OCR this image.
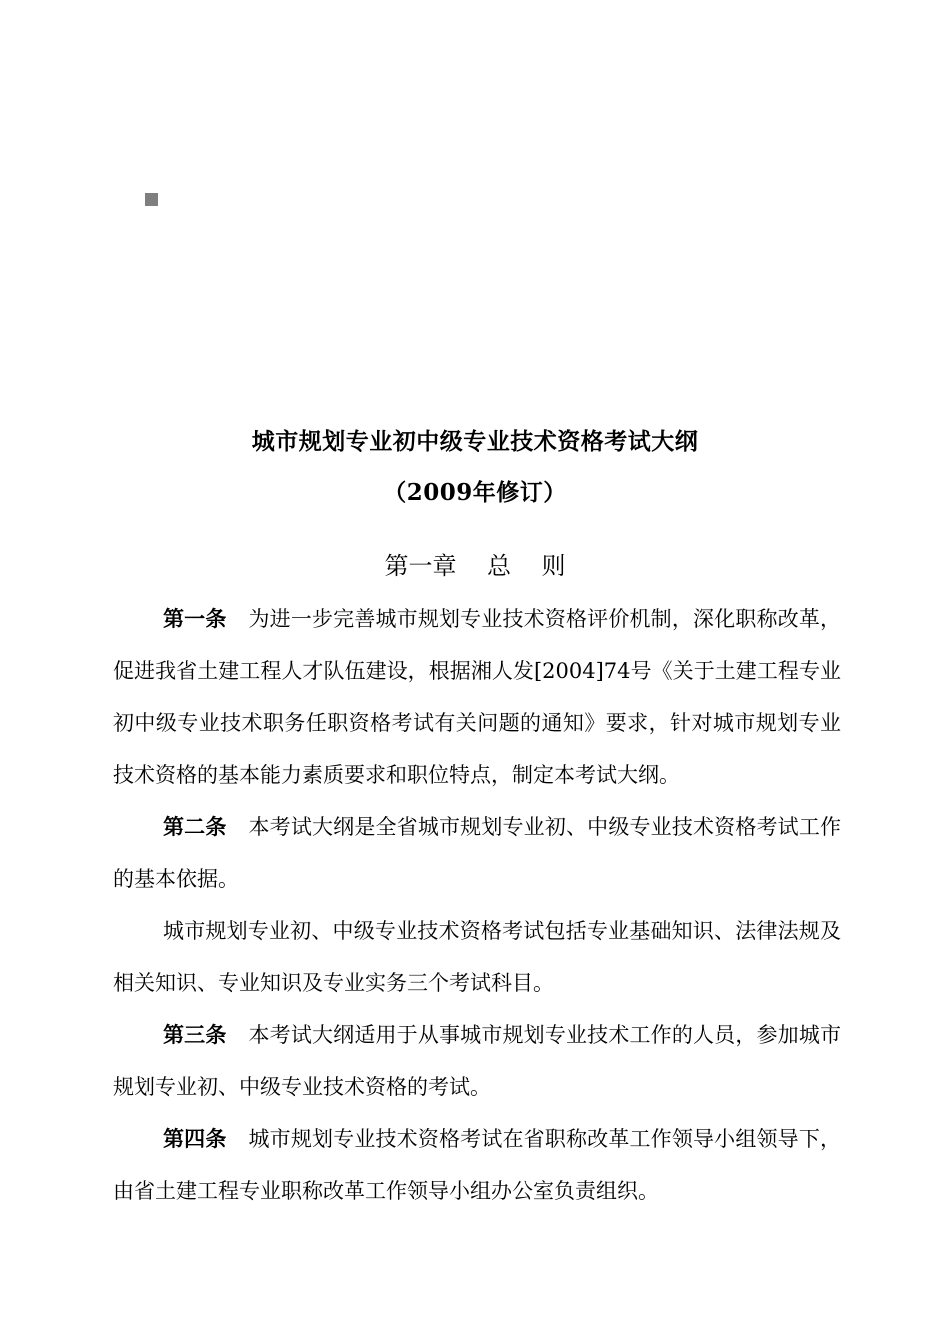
城市规划专业初中级专业技术资格考试大纲
（2009年修订）
第一章    总    则

第一条 为进一步完善城市规划专业技术资格评价机制，深化职称改革，促进我省土建工程人才队伍建设，根据湘人发[2004]74号《关于土建工程专业初中级专业技术职务任职资格考试有关问题的通知》要求，针对城市规划专业技术资格的基本能力素质要求和职位特点，制定本考试大纲。

第二条 本考试大纲是全省城市规划专业初、中级专业技术资格考试工作的基本依据。

城市规划专业初、中级专业技术资格考试包括专业基础知识、法律法规及相关知识、专业知识及专业实务三个考试科目。

第三条 本考试大纲适用于从事城市规划专业技术工作的人员，参加城市规划专业初、中级专业技术资格的考试。

第四条 城市规划专业技术资格考试在省职称改革工作领导小组领导下，由省土建工程专业职称改革工作领导小组办公室负责组织。
